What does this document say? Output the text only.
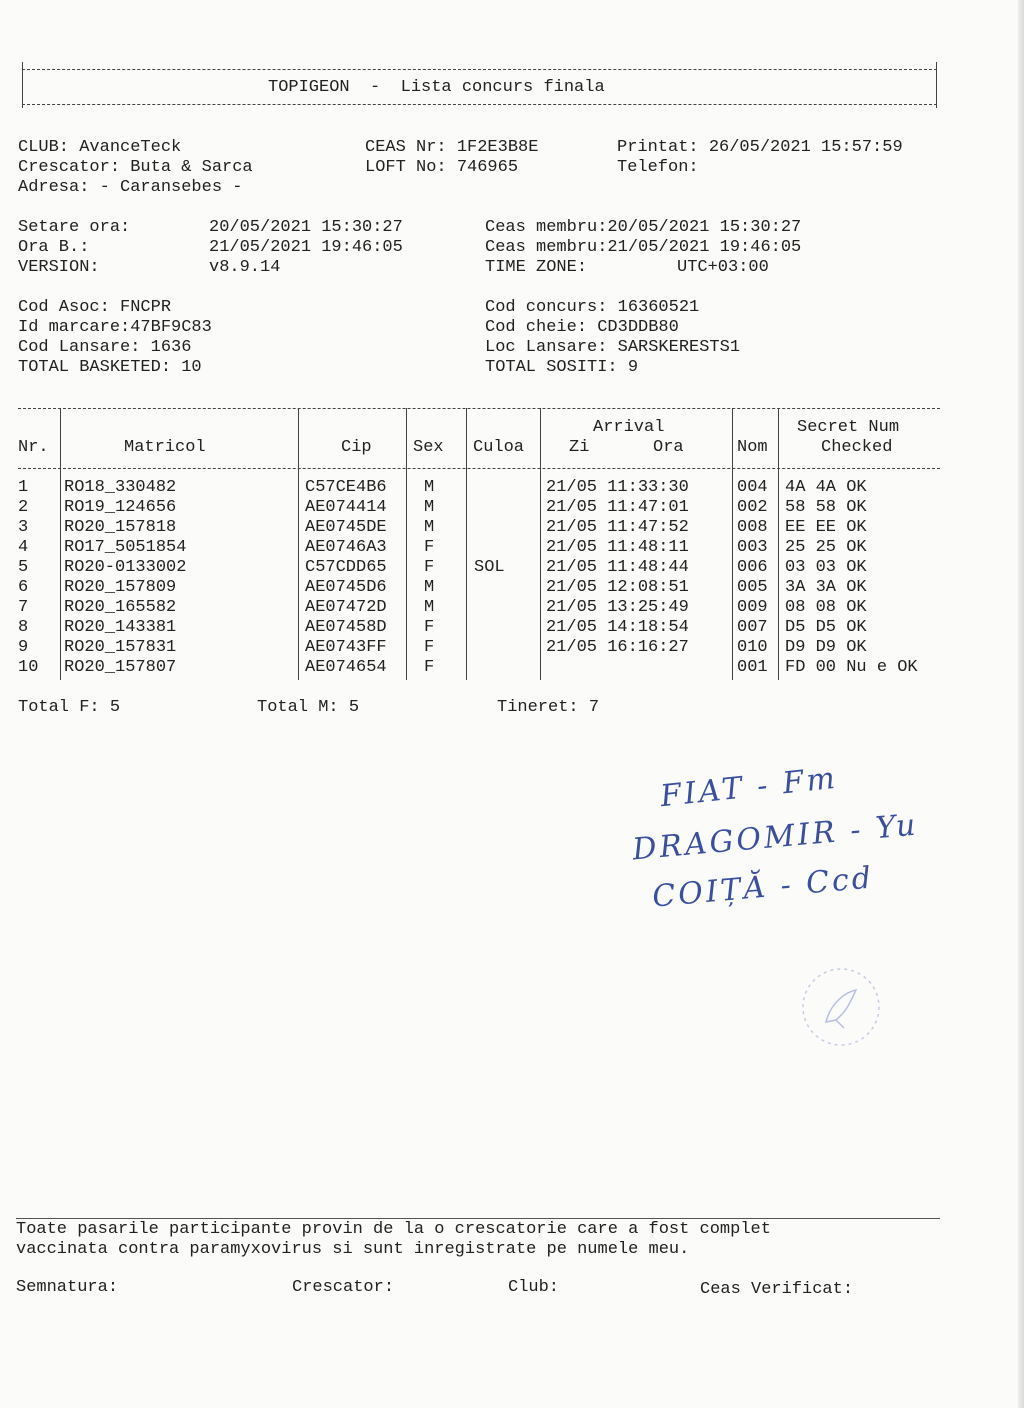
TOPIGEON  -  Lista concurs finala
CLUB: AvanceTeck
Crescator: Buta & Sarca
Adresa: - Caransebes -
CEAS Nr: 1F2E3B8E
LOFT No: 746965
Printat: 26/05/2021 15:57:59
Telefon:
Setare ora:	20/05/2021 15:30:27
Ora B.:	21/05/2021 19:46:05
VERSION:	v8.9.14
Ceas membru:20/05/2021 15:30:27
Ceas membru:21/05/2021 19:46:05
TIME ZONE:	UTC+03:00
Cod Asoc: FNCPR
Id marcare:47BF9C83
Cod Lansare: 1636
TOTAL BASKETED: 10
Cod concurs: 16360521
Cod cheie: CD3DDB80
Loc Lansare: SARSKERESTS1
TOTAL SOSITI: 9
Nr.	Matricol	Cip Sex Culoa
Arrival
Zi	Ora	Nom
Secret Num
Checked
1 RO18_330482	C57CE4B6 M	21/05 11:33:30	004 4A 4A OK
2 RO19_124656	AE074414 M	21/05 11:47:01	002 58 58 OK
3 RO20_157818	AE0745DE M	21/05 11:47:52	008 EE EE OK
4 RO17_5051854	AE0746A3 F	21/05 11:48:11	003 25 25 OK
5 RO20-0133002	C57CDD65 F SOL 21/05 11:48:44	006 03 03 OK
6 RO20_157809	AE0745D6 M	21/05 12:08:51	005 3A 3A OK
7 RO20_165582	AE07472D M	21/05 13:25:49	009 08 08 OK
8 RO20_143381	AE07458D F	21/05 14:18:54	007 D5 D5 OK
9 RO20_157831	AE0743FF F	21/05 16:16:27	010 D9 D9 OK
10 RO20_157807	AE074654 F	001 FD 00 Nu e OK
Total F: 5	Total M: 5	Tineret: 7
FIAT - Fm
DRAGOMIR - Yu
COIȚĂ - Ccd
Toate pasarile participante provin de la o crescatorie care a fost complet
vaccinata contra paramyxovirus si sunt inregistrate pe numele meu.
Semnatura:	Crescator:	Club:	Ceas Verificat:
